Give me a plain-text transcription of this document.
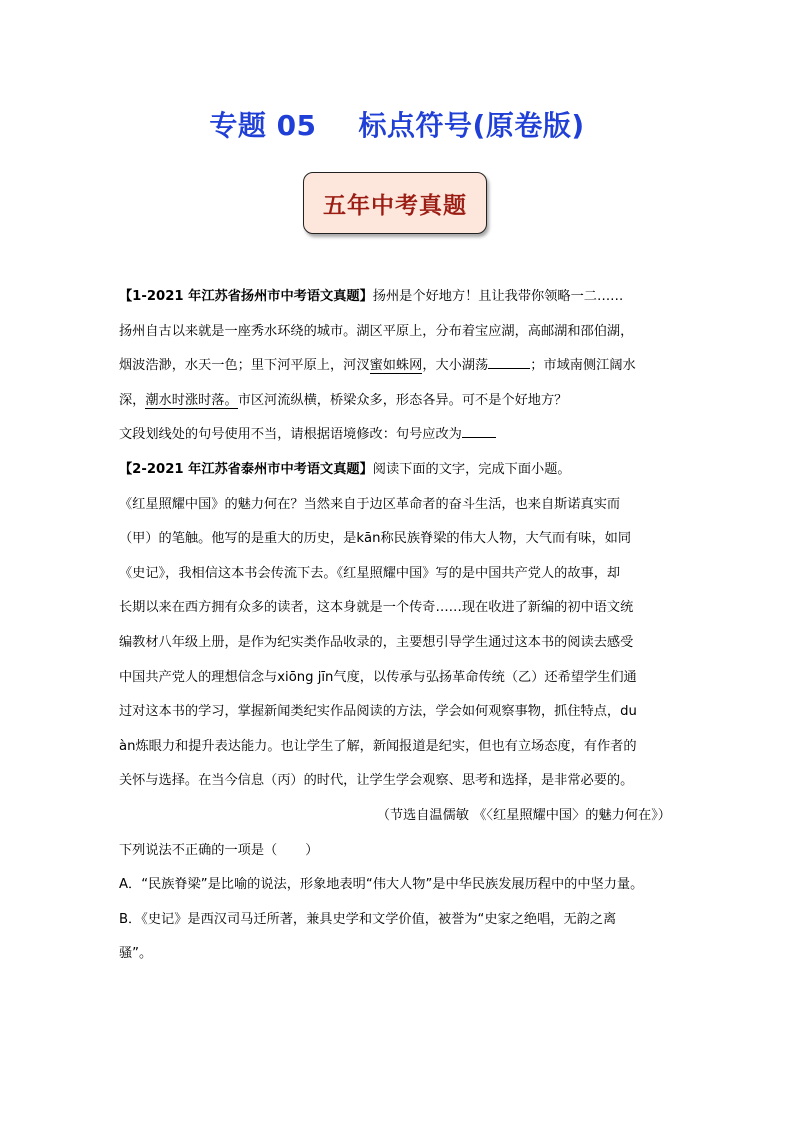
专题 05 标点符号(原卷版)
五年中考真题

【1-2021 年江苏省扬州市中考语文真题】扬州是个好地方！且让我带你领略一二……

扬州自古以来就是一座秀水环绕的城市。湖区平原上，分布着宝应湖，高邮湖和邵伯湖，

烟波浩渺，水天一色；里下河平原上，河汊蜜如蛛网，大小湖荡	；市域南侧江阔水

深，潮水时涨时落。市区河流纵横，桥梁众多，形态各异。可不是个好地方？

文段划线处的句号使用不当，请根据语境修改：句号应改为

【2-2021 年江苏省泰州市中考语文真题】阅读下面的文字，完成下面小题。

《红星照耀中国》的魅力何在？当然来自于边区革命者的奋斗生活，也来自斯诺真实而

（甲）的笔触。他写的是重大的历史，是kān称民族脊梁的伟大人物，大气而有味，如同

《史记》，我相信这本书会传流下去。《红星照耀中国》写的是中国共产党人的故事，却

长期以来在西方拥有众多的读者，这本身就是一个传奇……现在收进了新编的初中语文统

编教材八年级上册，是作为纪实类作品收录的，主要想引导学生通过这本书的阅读去感受

中国共产党人的理想信念与xiōng jīn气度，以传承与弘扬革命传统（乙）还希望学生们通

过对这本书的学习，掌握新闻类纪实作品阅读的方法，学会如何观察事物，抓住特点，du

àn炼眼力和提升表达能力。也让学生了解，新闻报道是纪实，但也有立场态度，有作者的

关怀与选择。在当今信息（丙）的时代，让学生学会观察、思考和选择，是非常必要的。

（节选自温儒敏 《〈红星照耀中国〉的魅力何在》）

下列说法不正确的一项是（ ）

A．“民族脊梁”是比喻的说法，形象地表明“伟大人物”是中华民族发展历程中的中坚力量。

B．《史记》是西汉司马迁所著，兼具史学和文学价值，被誉为“史家之绝唱，无韵之离

骚”。
